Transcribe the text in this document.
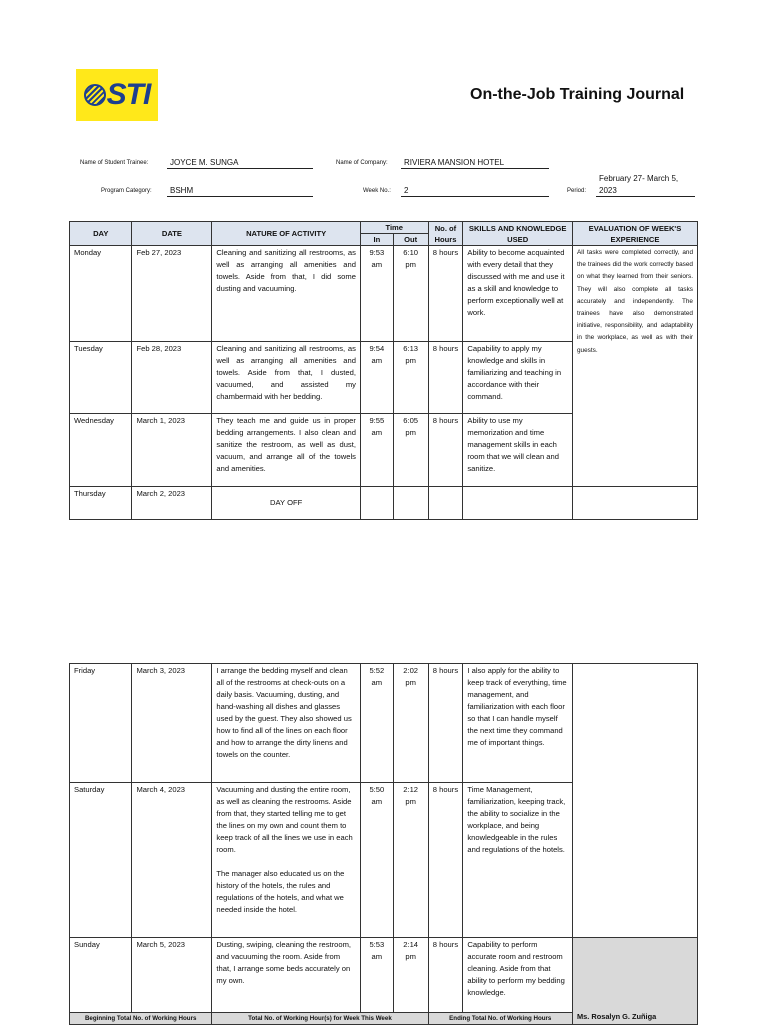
STI	On-the-Job Training Journal
Name of Student Trainee:	JOYCE M. SUNGA	Name of Company:	RIVIERA MANSION HOTEL
Program Category:	BSHM	Week No.:	2	Period:
February 27- March 5,
2023
DAY	DATE	NATURE OF ACTIVITY	Time		No. of Hours	SKILLS AND KNOWLEDGE USED	EVALUATION OF WEEK'S EXPERIENCE
			In	Out			
Monday	Feb 27, 2023	Cleaning and sanitizing all restrooms, as well as arranging all amenities and towels. Aside from that, I did some dusting and vacuuming.	9:53 am	6:10 pm	8 hours	Ability to become acquainted with every detail that they discussed with me and use it as a skill and knowledge to perform exceptionally well at work.	All tasks were completed correctly, and the trainees did the work correctly based on what they learned from their seniors. They will also complete all tasks accurately and independently. The trainees have also demonstrated initiative, responsibility, and adaptability in the workplace, as well as with their guests.
Tuesday	Feb 28, 2023	Cleaning and sanitizing all restrooms, as well as arranging all amenities and towels. Aside from that, I dusted, vacuumed, and assisted my chambermaid with her bedding.	9:54 am	6:13 pm	8 hours	Capability to apply my knowledge and skills in familiarizing and teaching in accordance with their command.	
Wednesday	March 1, 2023	They teach me and guide us in proper bedding arrangements. I also clean and sanitize the restroom, as well as dust, vacuum, and arrange all of the towels and amenities.	9:55 am	6:05 pm	8 hours	Ability to use my memorization and time management skills in each room that we will clean and sanitize.	
Thursday	March 2, 2023	DAY OFF					
Friday	March 3, 2023	I arrange the bedding myself and clean all of the restrooms at check-outs on a daily basis. Vacuuming, dusting, and hand-washing all dishes and glasses used by the guest. They also showed us how to find all of the lines on each floor and how to arrange the dirty linens and towels on the counter.	5:52 am	2:02 pm	8 hours	I also apply for the ability to keep track of everything, time management, and familiarization with each floor so that I can handle myself the next time they command me of important things.	
Saturday	March 4, 2023	Vacuuming and dusting the entire room, as well as cleaning the restrooms. Aside from that, they started telling me to get the lines on my own and count them to keep track of all the lines we use in each room.
The manager also educated us on the history of the hotels, the rules and regulations of the hotels, and what we needed inside the hotel.	5:50 am	2:12 pm	8 hours	Time Management, familiarization, keeping track, the ability to socialize in the workplace, and being knowledgeable in the rules and regulations of the hotels.	
Sunday	March 5, 2023	Dusting, swiping, cleaning the restroom, and vacuuming the room. Aside from that, I arrange some beds accurately on my own.	5:53 am	2:14 pm	8 hours	Capability to perform accurate room and restroom cleaning. Aside from that ability to perform my bedding knowledge.	Ms. Rosalyn G. Zuñiga
Beginning Total No. of Working Hours		Total No. of Working Hour(s) for Week This Week			Ending Total No. of Working Hours		
